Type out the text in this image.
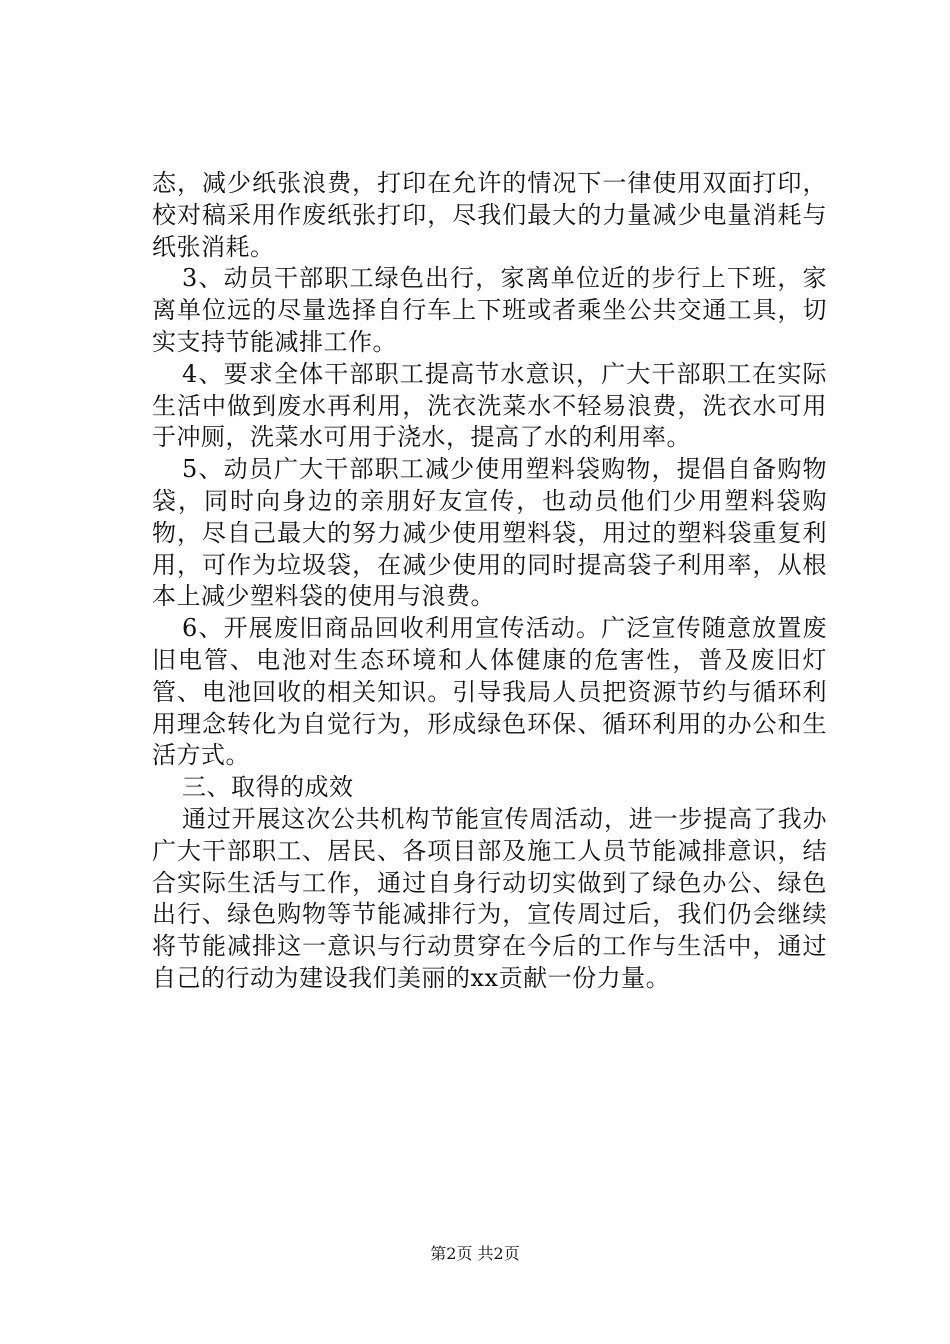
态，减少纸张浪费，打印在允许的情况下一律使用双面打印，校对稿采用作废纸张打印，尽我们最大的力量减少电量消耗与纸张消耗。

3、动员干部职工绿色出行，家离单位近的步行上下班，家离单位远的尽量选择自行车上下班或者乘坐公共交通工具，切实支持节能减排工作。

4、要求全体干部职工提高节水意识，广大干部职工在实际生活中做到废水再利用，洗衣洗菜水不轻易浪费，洗衣水可用于冲厕，洗菜水可用于浇水，提高了水的利用率。

5、动员广大干部职工减少使用塑料袋购物，提倡自备购物袋，同时向身边的亲朋好友宣传，也动员他们少用塑料袋购物，尽自己最大的努力减少使用塑料袋，用过的塑料袋重复利用，可作为垃圾袋，在减少使用的同时提高袋子利用率，从根本上减少塑料袋的使用与浪费。

6、开展废旧商品回收利用宣传活动。广泛宣传随意放置废旧电管、电池对生态环境和人体健康的危害性，普及废旧灯管、电池回收的相关知识。引导我局人员把资源节约与循环利用理念转化为自觉行为，形成绿色环保、循环利用的办公和生活方式。

三、取得的成效

通过开展这次公共机构节能宣传周活动，进一步提高了我办广大干部职工、居民、各项目部及施工人员节能减排意识，结合实际生活与工作，通过自身行动切实做到了绿色办公、绿色出行、绿色购物等节能减排行为，宣传周过后，我们仍会继续将节能减排这一意识与行动贯穿在今后的工作与生活中，通过自己的行动为建设我们美丽的xx贡献一份力量。

第2页 共2页
